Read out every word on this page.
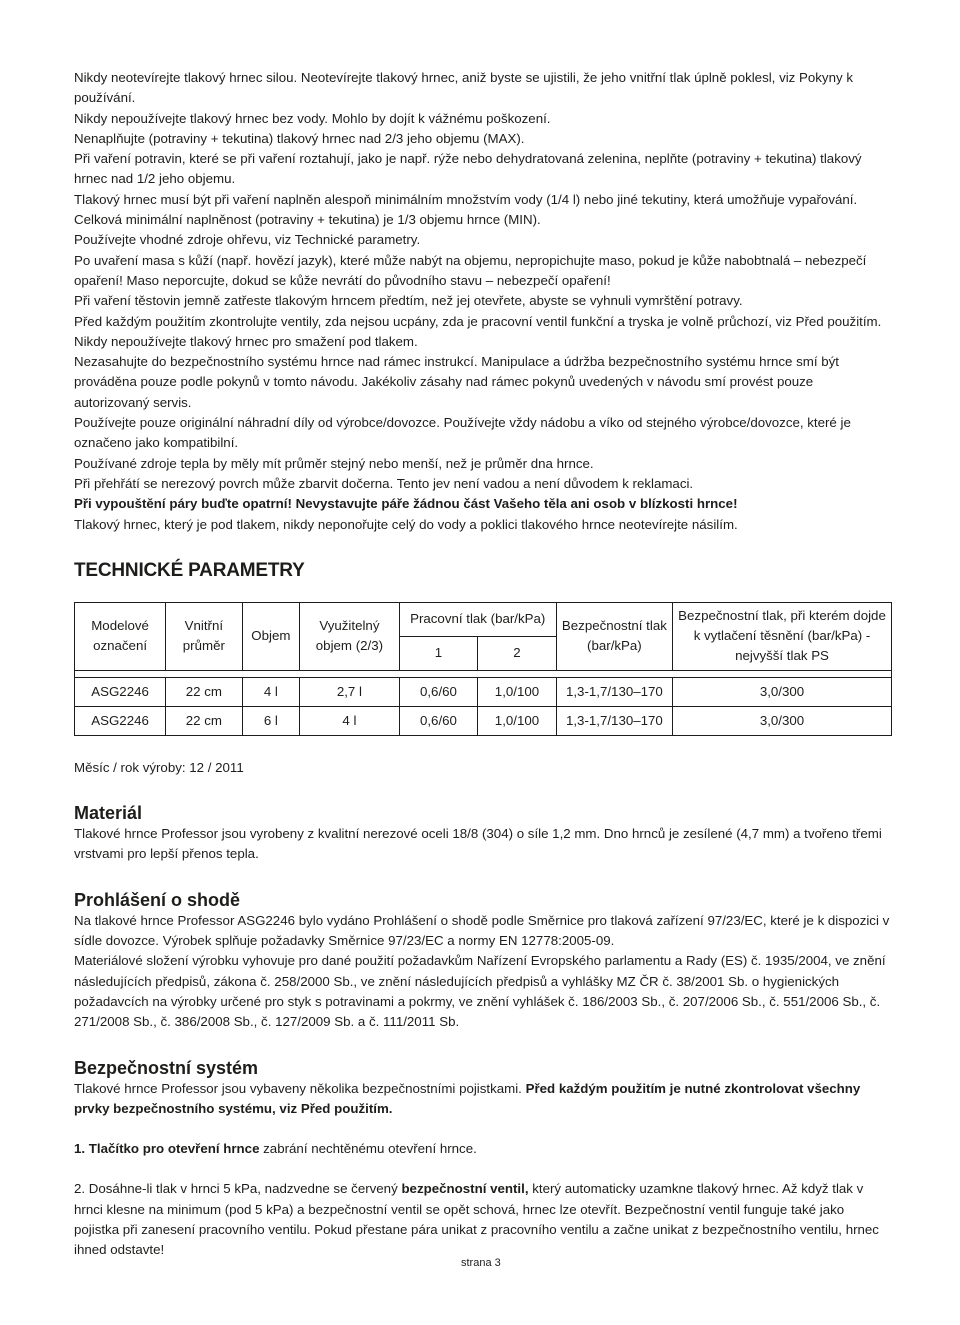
Nikdy neotevírejte tlakový hrnec silou. Neotevírejte tlakový hrnec, aniž byste se ujistili, že jeho vnitřní tlak úplně poklesl, viz Pokyny k používání.

Nikdy nepoužívejte tlakový hrnec bez vody. Mohlo by dojít k vážnému poškození.

Nenaplňujte (potraviny + tekutina) tlakový hrnec nad 2/3 jeho objemu (MAX).

Při vaření potravin, které se při vaření roztahují, jako je např. rýže nebo dehydratovaná zelenina, neplňte (potraviny + tekutina) tlakový hrnec nad 1/2 jeho objemu.

Tlakový hrnec musí být při vaření naplněn alespoň minimálním množstvím vody (1/4 l) nebo jiné tekutiny, která umožňuje vypařování.

Celková minimální naplněnost (potraviny + tekutina) je 1/3 objemu hrnce (MIN).

Používejte vhodné zdroje ohřevu, viz Technické parametry.

Po uvaření masa s kůží (např. hovězí jazyk), které může nabýt na objemu, nepropichujte maso, pokud je kůže nabobtnalá – nebezpečí opaření! Maso neporcujte, dokud se kůže nevrátí do původního stavu – nebezpečí opaření!

Při vaření těstovin jemně zatřeste tlakovým hrncem předtím, než jej otevřete, abyste se vyhnuli vymrštění potravy.

Před každým použitím zkontrolujte ventily, zda nejsou ucpány, zda je pracovní ventil funkční a tryska je volně průchozí, viz Před použitím.

Nikdy nepoužívejte tlakový hrnec pro smažení pod tlakem.

Nezasahujte do bezpečnostního systému hrnce nad rámec instrukcí. Manipulace a údržba bezpečnostního systému hrnce smí být prováděna pouze podle pokynů v tomto návodu. Jakékoliv zásahy nad rámec pokynů uvedených v návodu smí provést pouze autorizovaný servis.

Používejte pouze originální náhradní díly od výrobce/dovozce. Používejte vždy nádobu a víko od stejného výrobce/dovozce, které je označeno jako kompatibilní.

Používané zdroje tepla by měly mít průměr stejný nebo menší, než je průměr dna hrnce.

Při přehřátí se nerezový povrch může zbarvit dočerna. Tento jev není vadou a není důvodem k reklamaci.

Při vypouštění páry buďte opatrní! Nevystavujte páře žádnou část Vašeho těla ani osob v blízkosti hrnce!

Tlakový hrnec, který je pod tlakem, nikdy neponořujte celý do vody a poklici tlakového hrnce neotevírejte násilím.

TECHNICKÉ PARAMETRY
Modelové označení	Vnitřní průměr	Objem	Využitelný objem (2/3)	Pracovní tlak (bar/kPa)		Bezpečnostní tlak (bar/kPa)	Bezpečnostní tlak, při kterém dojde k vytlačení těsnění (bar/kPa) - nejvyšší tlak PS
				1	2		

ASG2246	22 cm	4 l	2,7 l	0,6/60	1,0/100	1,3-1,7/130–170	3,0/300
ASG2246	22 cm	6 l	4 l	0,6/60	1,0/100	1,3-1,7/130–170	3,0/300

Měsíc / rok výroby: 12 / 2011

Materiál

Tlakové hrnce Professor jsou vyrobeny z kvalitní nerezové oceli 18/8 (304) o síle 1,2 mm. Dno hrnců je zesílené (4,7 mm) a tvořeno třemi vrstvami pro lepší přenos tepla.

Prohlášení o shodě

Na tlakové hrnce Professor ASG2246 bylo vydáno Prohlášení o shodě podle Směrnice pro tlaková zařízení 97/23/EC, které je k dispozici v sídle dovozce. Výrobek splňuje požadavky Směrnice 97/23/EC a normy EN 12778:2005-09.

Materiálové složení výrobku vyhovuje pro dané použití požadavkům Nařízení Evropského parlamentu a Rady (ES) č. 1935/2004, ve znění následujících předpisů, zákona č. 258/2000 Sb., ve znění následujících předpisů a vyhlášky MZ ČR č. 38/2001 Sb. o hygienických požadavcích na výrobky určené pro styk s potravinami a pokrmy, ve znění vyhlášek č. 186/2003 Sb., č. 207/2006 Sb., č. 551/2006 Sb., č. 271/2008 Sb., č. 386/2008 Sb., č. 127/2009 Sb. a č. 111/2011 Sb.

Bezpečnostní systém

Tlakové hrnce Professor jsou vybaveny několika bezpečnostními pojistkami. Před každým použitím je nutné zkontrolovat všechny prvky bezpečnostního systému, viz Před použitím.

1. Tlačítko pro otevření hrnce zabrání nechtěnému otevření hrnce.

2. Dosáhne-li tlak v hrnci 5 kPa, nadzvedne se červený bezpečnostní ventil, který automaticky uzamkne tlakový hrnec. Až když tlak v hrnci klesne na minimum (pod 5 kPa) a bezpečnostní ventil se opět schová, hrnec lze otevřít. Bezpečnostní ventil funguje také jako pojistka při zanesení pracovního ventilu. Pokud přestane pára unikat z pracovního ventilu a začne unikat z bezpečnostního ventilu, hrnec ihned odstavte!

strana 3
